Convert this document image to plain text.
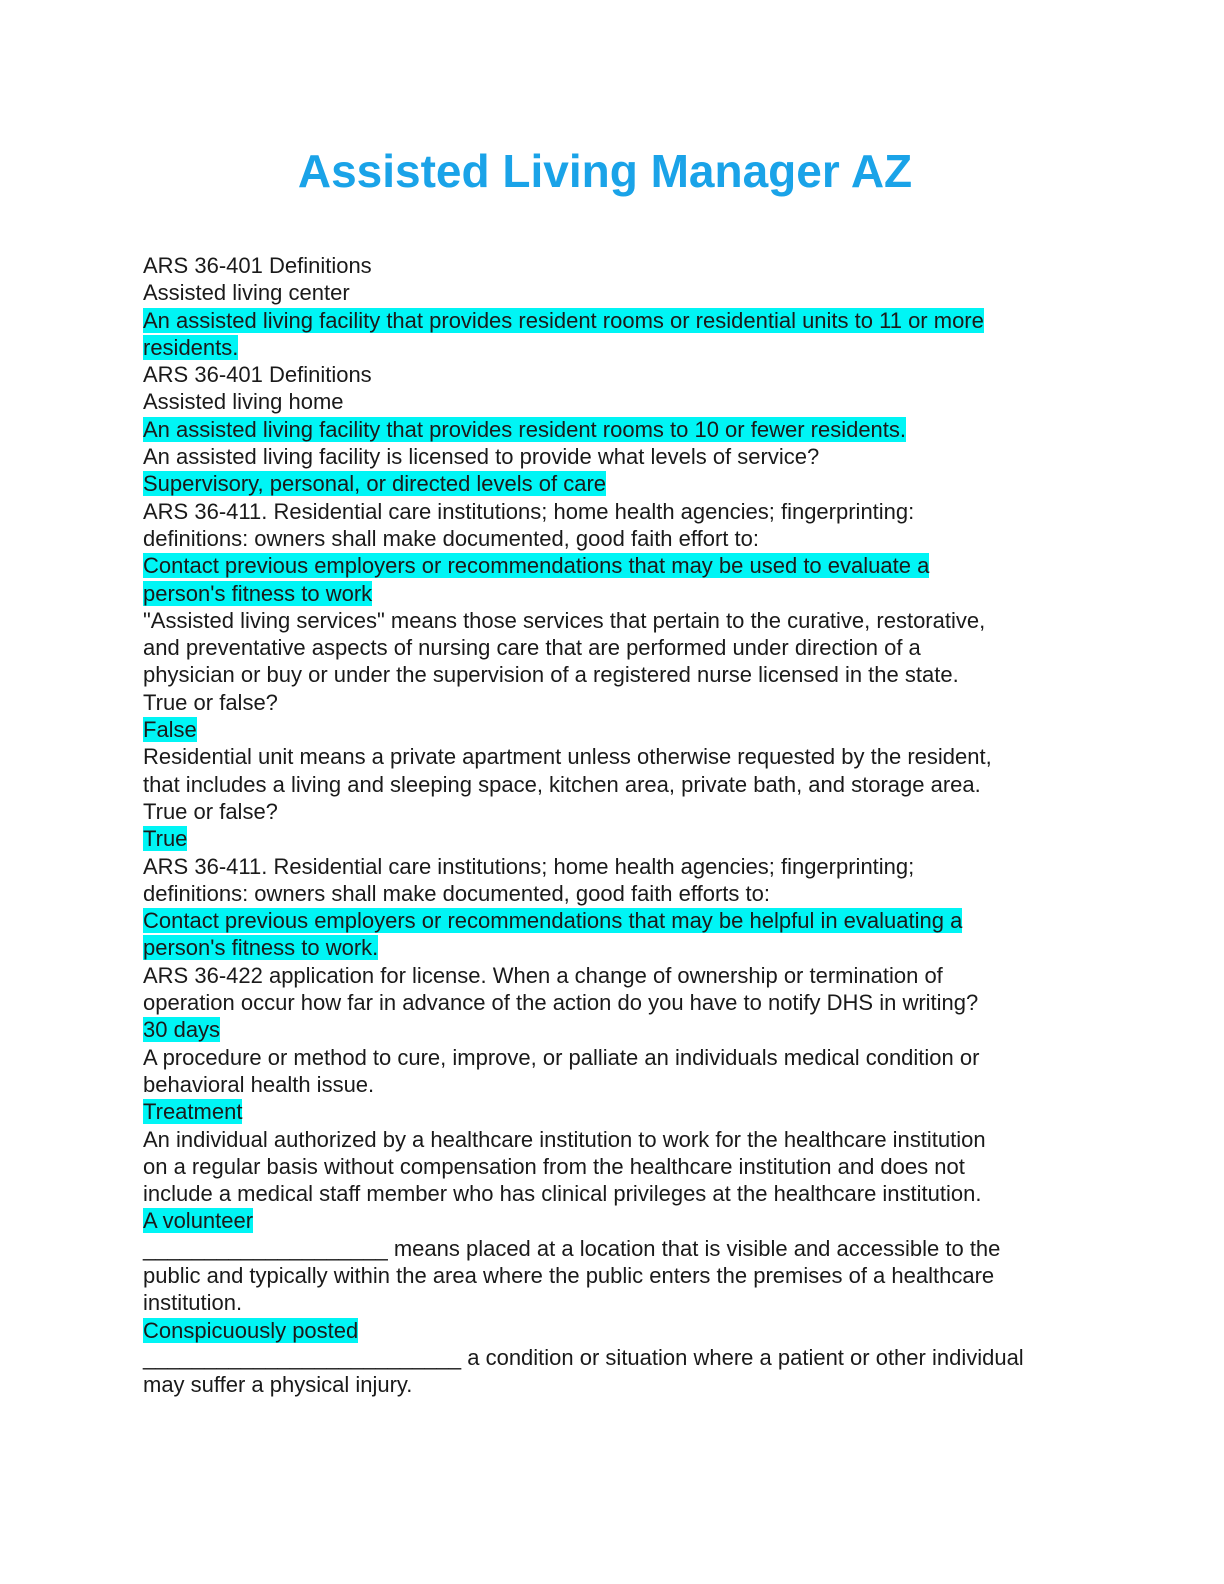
Assisted Living Manager AZ
ARS 36-401 Definitions
Assisted living center
An assisted living facility that provides resident rooms or residential units to 11 or more
residents.
ARS 36-401 Definitions
Assisted living home
An assisted living facility that provides resident rooms to 10 or fewer residents.
An assisted living facility is licensed to provide what levels of service?
Supervisory, personal, or directed levels of care
ARS 36-411. Residential care institutions; home health agencies; fingerprinting:
definitions: owners shall make documented, good faith effort to:
Contact previous employers or recommendations that may be used to evaluate a
person's fitness to work
"Assisted living services" means those services that pertain to the curative, restorative,
and preventative aspects of nursing care that are performed under direction of a
physician or buy or under the supervision of a registered nurse licensed in the state.
True or false?
False
Residential unit means a private apartment unless otherwise requested by the resident,
that includes a living and sleeping space, kitchen area, private bath, and storage area.
True or false?
True
ARS 36-411. Residential care institutions; home health agencies; fingerprinting;
definitions: owners shall make documented, good faith efforts to:
Contact previous employers or recommendations that may be helpful in evaluating a
person's fitness to work.
ARS 36-422 application for license. When a change of ownership or termination of
operation occur how far in advance of the action do you have to notify DHS in writing?
30 days
A procedure or method to cure, improve, or palliate an individuals medical condition or
behavioral health issue.
Treatment
An individual authorized by a healthcare institution to work for the healthcare institution
on a regular basis without compensation from the healthcare institution and does not
include a medical staff member who has clinical privileges at the healthcare institution.
A volunteer
____________________ means placed at a location that is visible and accessible to the
public and typically within the area where the public enters the premises of a healthcare
institution.
Conspicuously posted
__________________________ a condition or situation where a patient or other individual
may suffer a physical injury.
